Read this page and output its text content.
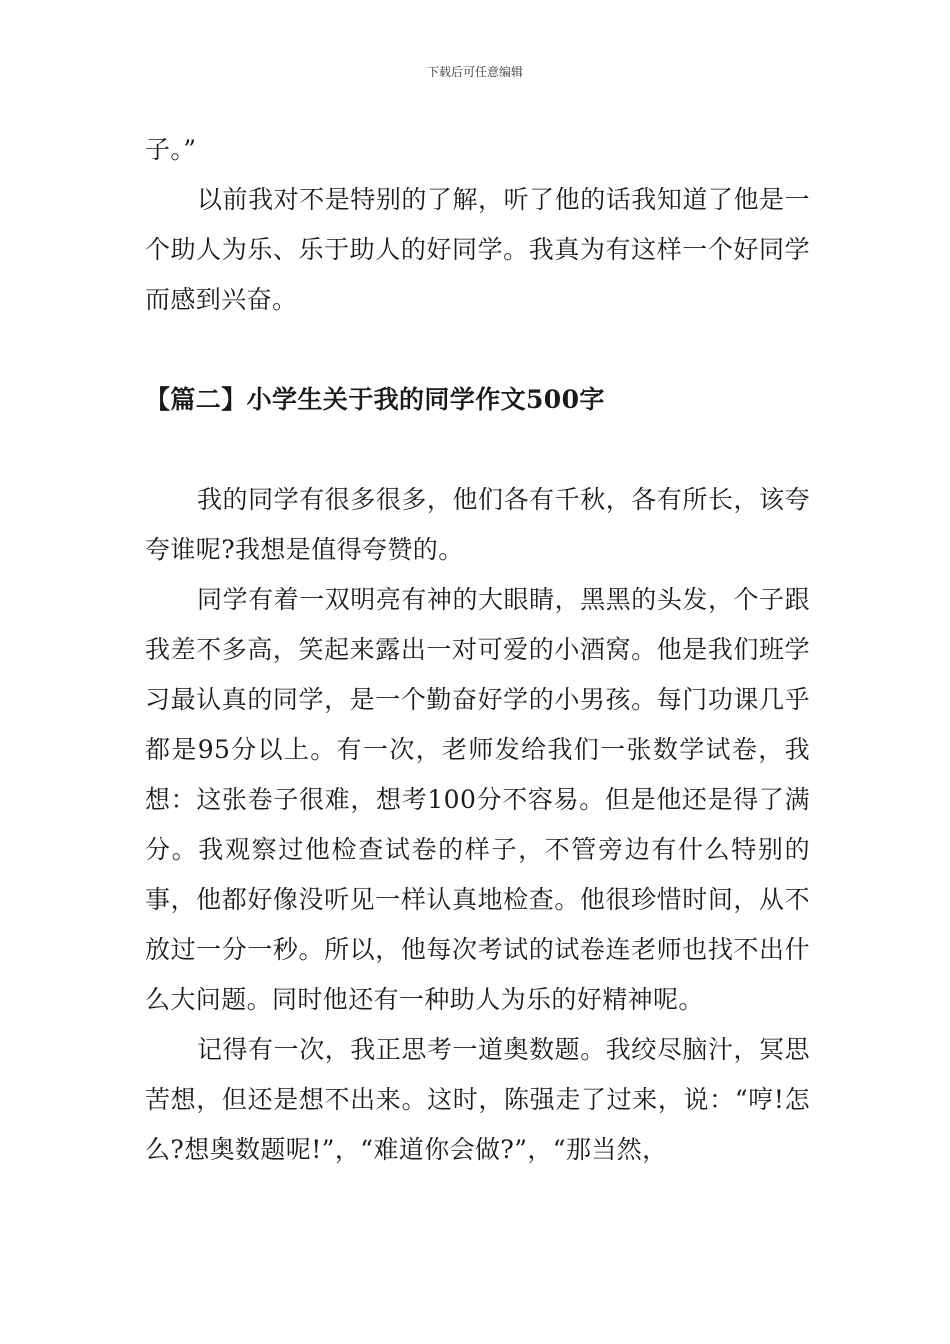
下载后可任意编辑

子。”

以前我对不是特别的了解，听了他的话我知道了他是一个助人为乐、乐于助人的好同学。我真为有这样一个好同学而感到兴奋。

【篇二】小学生关于我的同学作文500字

我的同学有很多很多，他们各有千秋，各有所长，该夸夸谁呢?我想是值得夸赞的。

同学有着一双明亮有神的大眼睛，黑黑的头发，个子跟我差不多高，笑起来露出一对可爱的小酒窝。他是我们班学习最认真的同学，是一个勤奋好学的小男孩。每门功课几乎都是95分以上。有一次，老师发给我们一张数学试卷，我想：这张卷子很难，想考100分不容易。但是他还是得了满分。我观察过他检查试卷的样子，不管旁边有什么特别的事，他都好像没听见一样认真地检查。他很珍惜时间，从不放过一分一秒。所以，他每次考试的试卷连老师也找不出什么大问题。同时他还有一种助人为乐的好精神呢。

记得有一次，我正思考一道奥数题。我绞尽脑汁，冥思苦想，但还是想不出来。这时，陈强走了过来，说：“哼!怎么?想奥数题呢!”，“难道你会做?”，“那当然，
